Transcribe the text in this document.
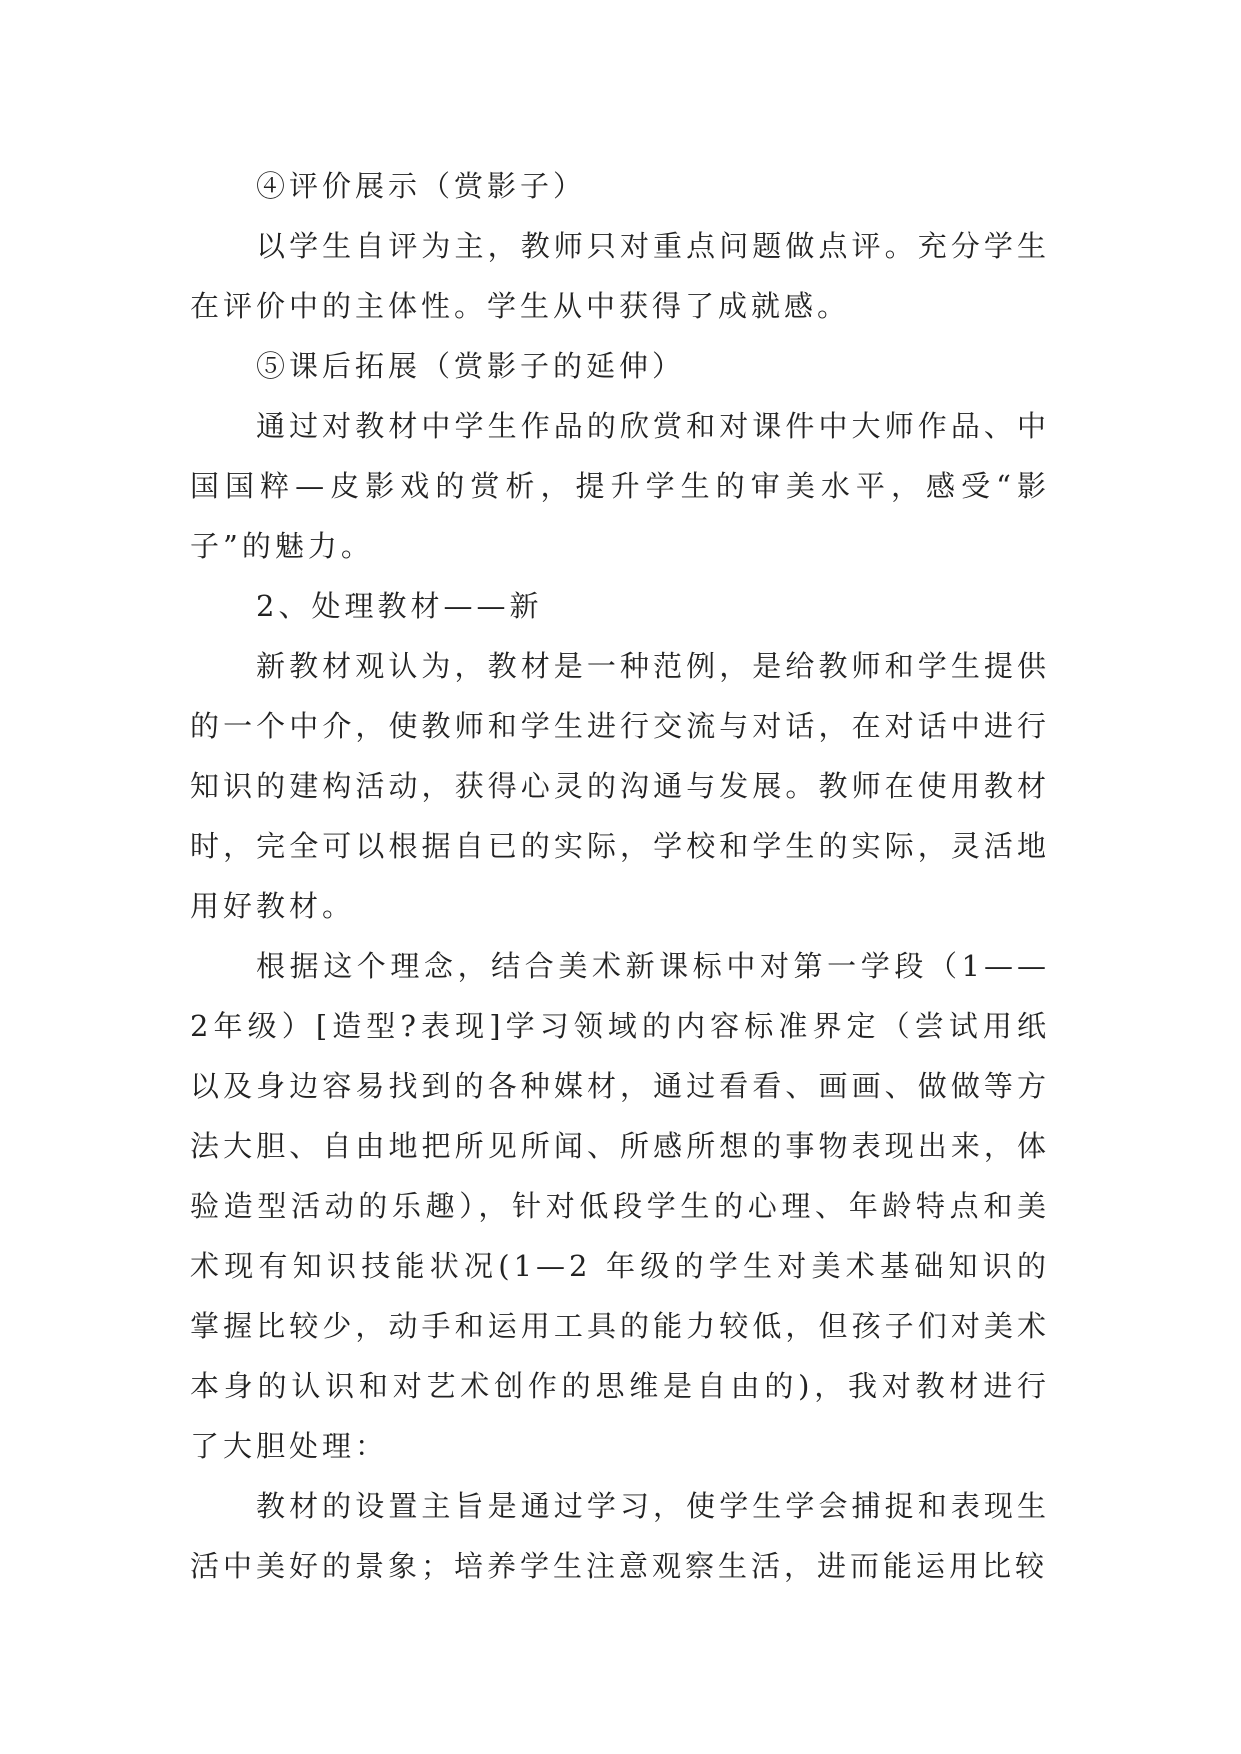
④评价展示（赏影子）

以学生自评为主，教师只对重点问题做点评。充分学生在评价中的主体性。学生从中获得了成就感。

⑤课后拓展（赏影子的延伸）

通过对教材中学生作品的欣赏和对课件中大师作品、中国国粹—皮影戏的赏析，提升学生的审美水平，感受“影子”的魅力。

2、处理教材——新

新教材观认为，教材是一种范例，是给教师和学生提供的一个中介，使教师和学生进行交流与对话，在对话中进行知识的建构活动，获得心灵的沟通与发展。教师在使用教材时，完全可以根据自已的实际，学校和学生的实际，灵活地用好教材。

根据这个理念，结合美术新课标中对第一学段（1——2年级）[造型?表现]学习领域的内容标准界定（尝试用纸以及身边容易找到的各种媒材，通过看看、画画、做做等方法大胆、自由地把所见所闻、所感所想的事物表现出来，体验造型活动的乐趣），针对低段学生的心理、年龄特点和美术现有知识技能状况(1—2 年级的学生对美术基础知识的掌握比较少，动手和运用工具的能力较低，但孩子们对美术本身的认识和对艺术创作的思维是自由的)，我对教材进行了大胆处理：

教材的设置主旨是通过学习，使学生学会捕捉和表现生活中美好的景象；培养学生注意观察生活，进而能运用比较
